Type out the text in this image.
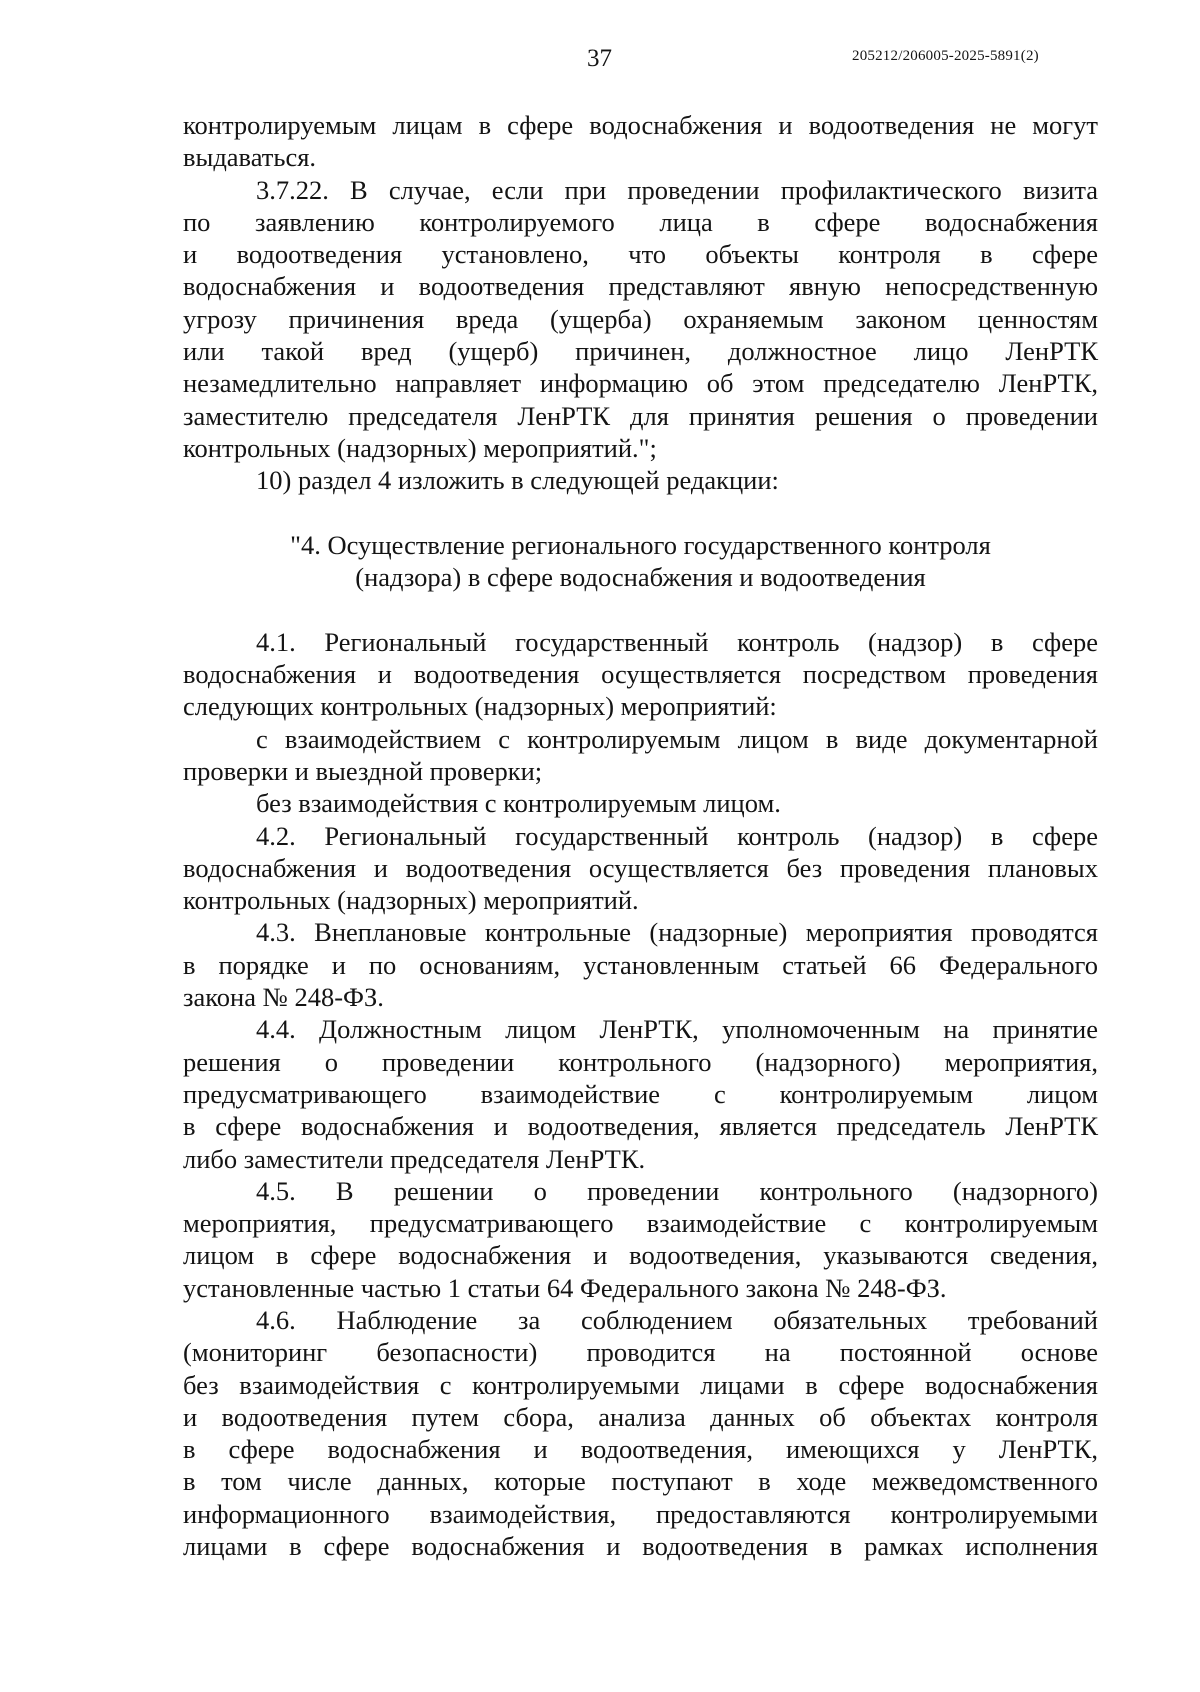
37	205212/206005-2025-5891(2)
контролируемым лицам в сфере водоснабжения и водоотведения не могут
выдаваться.
3.7.22. В случае, если при проведении профилактического визита
по заявлению контролируемого лица в сфере водоснабжения
и водоотведения установлено, что объекты контроля в сфере
водоснабжения и водоотведения представляют явную непосредственную
угрозу причинения вреда (ущерба) охраняемым законом ценностям
или такой вред (ущерб) причинен, должностное лицо ЛенРТК
незамедлительно направляет информацию об этом председателю ЛенРТК,
заместителю председателя ЛенРТК для принятия решения о проведении
контрольных (надзорных) мероприятий.";
10) раздел 4 изложить в следующей редакции:
"4. Осуществление регионального государственного контроля
(надзора) в сфере водоснабжения и водоотведения
4.1. Региональный государственный контроль (надзор) в сфере
водоснабжения и водоотведения осуществляется посредством проведения
следующих контрольных (надзорных) мероприятий:
с взаимодействием с контролируемым лицом в виде документарной
проверки и выездной проверки;
без взаимодействия с контролируемым лицом.
4.2. Региональный государственный контроль (надзор) в сфере
водоснабжения и водоотведения осуществляется без проведения плановых
контрольных (надзорных) мероприятий.
4.3. Внеплановые контрольные (надзорные) мероприятия проводятся
в порядке и по основаниям, установленным статьей 66 Федерального
закона № 248-ФЗ.
4.4. Должностным лицом ЛенРТК, уполномоченным на принятие
решения о проведении контрольного (надзорного) мероприятия,
предусматривающего взаимодействие с контролируемым лицом
в сфере водоснабжения и водоотведения, является председатель ЛенРТК
либо заместители председателя ЛенРТК.
4.5. В решении о проведении контрольного (надзорного)
мероприятия, предусматривающего взаимодействие с контролируемым
лицом в сфере водоснабжения и водоотведения, указываются сведения,
установленные частью 1 статьи 64 Федерального закона № 248-ФЗ.
4.6. Наблюдение за соблюдением обязательных требований
(мониторинг безопасности) проводится на постоянной основе
без взаимодействия с контролируемыми лицами в сфере водоснабжения
и водоотведения путем сбора, анализа данных об объектах контроля
в сфере водоснабжения и водоотведения, имеющихся у ЛенРТК,
в том числе данных, которые поступают в ходе межведомственного
информационного взаимодействия, предоставляются контролируемыми
лицами в сфере водоснабжения и водоотведения в рамках исполнения
